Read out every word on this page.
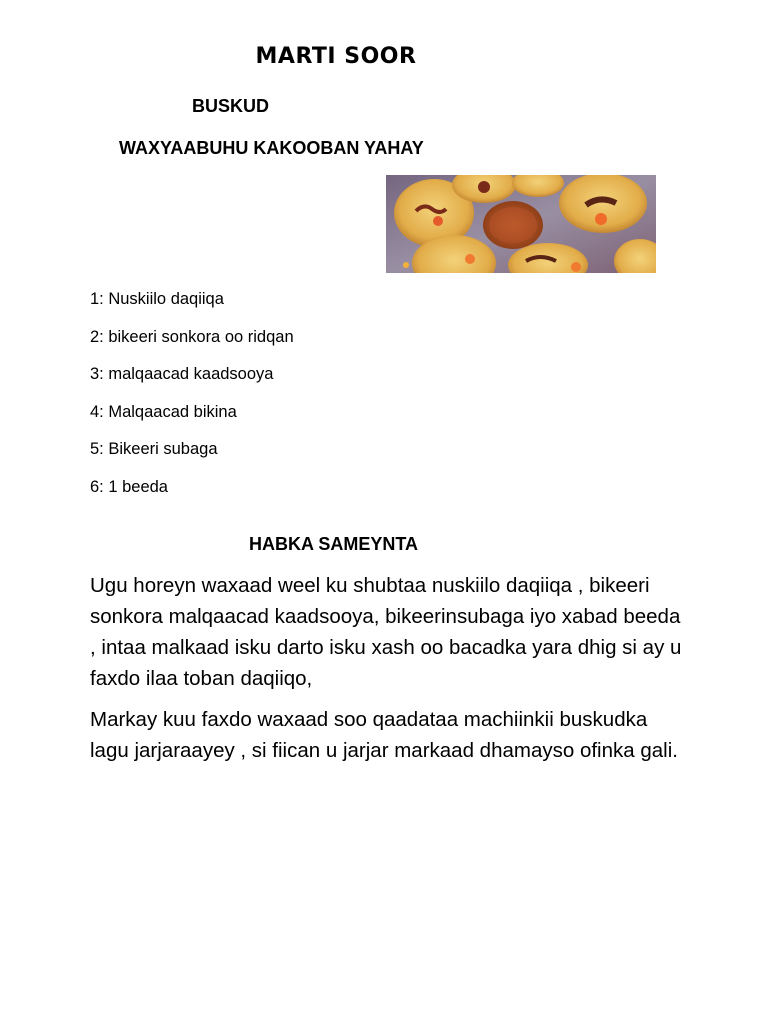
MARTI SOOR
BUSKUD
WAXYAABUHU KAKOOBAN YAHAY
1: Nuskiilo daqiiqa
2: bikeeri sonkora oo ridqan
3: malqaacad kaadsooya
4: Malqaacad bikina
5: Bikeeri subaga
6: 1 beeda
HABKA SAMEYNTA

Ugu horeyn waxaad weel ku shubtaa nuskiilo daqiiqa , bikeeri sonkora malqaacad kaadsooya, bikeerinsubaga iyo xabad beeda , intaa malkaad isku darto isku xash oo bacadka yara dhig si ay u faxdo ilaa toban daqiiqo,

Markay kuu faxdo waxaad soo qaadataa machiinkii buskudka lagu jarjaraayey , si fiican u jarjar markaad dhamayso ofinka gali.
